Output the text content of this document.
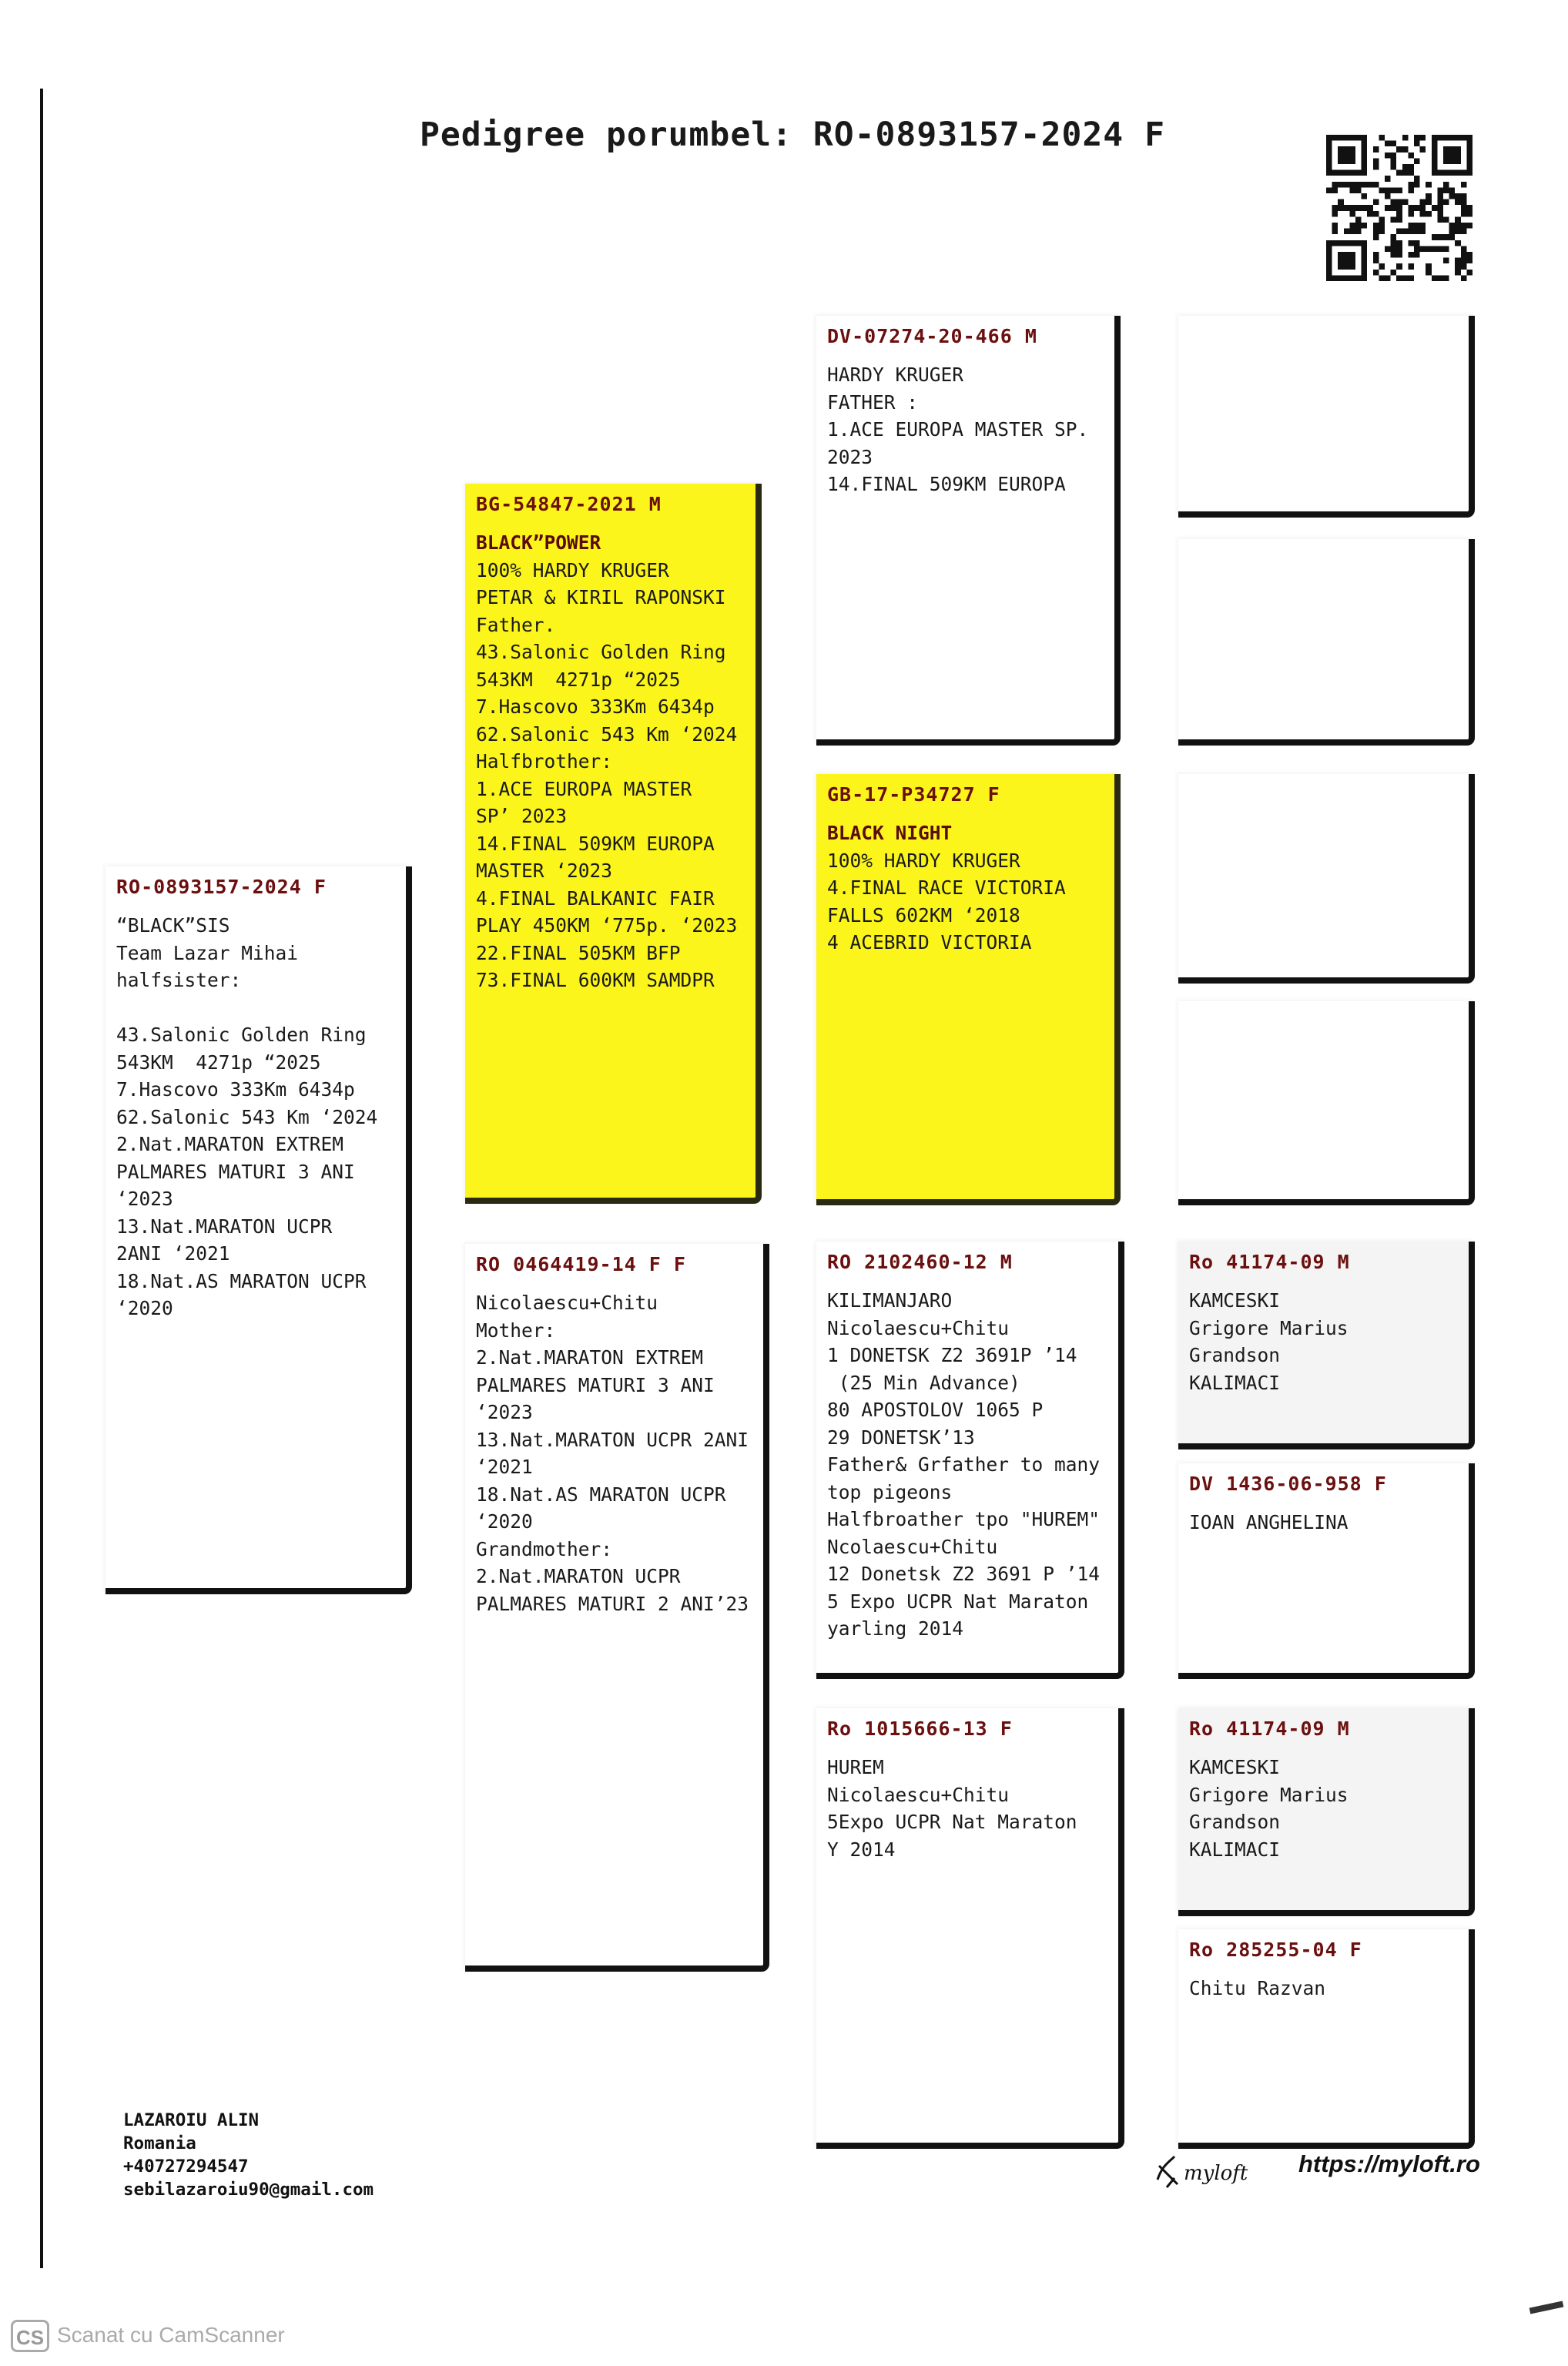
Pedigree porumbel: RO-0893157-2024 F
RO-0893157-2024 F
“BLACK”SIS
Team Lazar Mihai
halfsister:

43.Salonic Golden Ring
543KM  4271p “2025
7.Hascovo 333Km 6434p
62.Salonic 543 Km ‘2024
2.Nat.MARATON EXTREM
PALMARES MATURI 3 ANI
‘2023
13.Nat.MARATON UCPR
2ANI ‘2021
18.Nat.AS MARATON UCPR
‘2020
BG-54847-2021 M
BLACK”POWER
100% HARDY KRUGER
PETAR & KIRIL RAPONSKI
Father.
43.Salonic Golden Ring
543KM  4271p “2025
7.Hascovo 333Km 6434p
62.Salonic 543 Km ‘2024
Halfbrother:
1.ACE EUROPA MASTER
SP’ 2023
14.FINAL 509KM EUROPA
MASTER ‘2023
4.FINAL BALKANIC FAIR
PLAY 450KM ‘775p. ‘2023
22.FINAL 505KM BFP
73.FINAL 600KM SAMDPR
RO 0464419-14 F F
Nicolaescu+Chitu
Mother:
2.Nat.MARATON EXTREM
PALMARES MATURI 3 ANI
‘2023
13.Nat.MARATON UCPR 2ANI
‘2021
18.Nat.AS MARATON UCPR
‘2020
Grandmother:
2.Nat.MARATON UCPR
PALMARES MATURI 2 ANI’23
DV-07274-20-466 M
HARDY KRUGER
FATHER :
1.ACE EUROPA MASTER SP.
2023
14.FINAL 509KM EUROPA
GB-17-P34727 F
BLACK NIGHT
100% HARDY KRUGER
4.FINAL RACE VICTORIA
FALLS 602KM ‘2018
4 ACEBRID VICTORIA
RO 2102460-12 M
KILIMANJARO
Nicolaescu+Chitu
1 DONETSK Z2 3691P ’14
(25 Min Advance)
80 APOSTOLOV 1065 P
29 DONETSK’13
Father& Grfather to many
top pigeons
Halfbroather tpo "HUREM"
Ncolaescu+Chitu
12 Donetsk Z2 3691 P ’14
5 Expo UCPR Nat Maraton
yarling 2014
Ro 1015666-13 F
HUREM
Nicolaescu+Chitu
5Expo UCPR Nat Maraton
Y 2014
Ro 41174-09 M
KAMCESKI
Grigore Marius
Grandson
KALIMACI
DV 1436-06-958 F
IOAN ANGHELINA
Ro 41174-09 M
KAMCESKI
Grigore Marius
Grandson
KALIMACI
Ro 285255-04 F
Chitu Razvan
LAZAROIU ALIN
Romania
+40727294547
sebilazaroiu90@gmail.com
myloft https://myloft.ro
CS Scanat cu CamScanner
